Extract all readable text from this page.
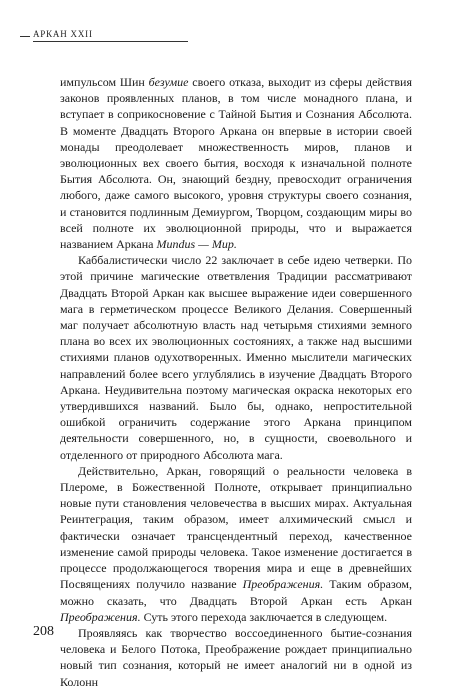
АРКАН XXII

импульсом Шин безумие своего отказа, выходит из сферы действия законов проявленных планов, в том числе монадного плана, и вступает в соприкосновение с Тайной Бытия и Сознания Абсолюта. В моменте Двадцать Второго Аркана он впервые в истории своей монады преодолевает множественность миров, планов и эволюционных вех своего бытия, восходя к изначальной полноте Бытия Абсолюта. Он, знающий бездну, превосходит ограничения любого, даже самого высокого, уровня структуры своего сознания, и становится подлинным Демиургом, Творцом, создающим миры во всей полноте их эволюционной природы, что и выражается названием Аркана Mundus — Мир.

Каббалистически число 22 заключает в себе идею четверки. По этой причине магические ответвления Традиции рассматривают Двадцать Второй Аркан как высшее выражение идеи совершенного мага в герметическом процессе Великого Делания. Совершенный маг получает абсолютную власть над четырьмя стихиями земного плана во всех их эволюционных состояниях, а также над высшими стихиями планов одухотворенных. Именно мыслители магических направлений более всего углублялись в изучение Двадцать Второго Аркана. Неудивительна поэтому магическая окраска некоторых его утвердившихся названий. Было бы, однако, непростительной ошибкой ограничить содержание этого Аркана принципом деятельности совершенного, но, в сущности, своевольного и отделенного от природного Абсолюта мага.

Действительно, Аркан, говорящий о реальности человека в Плероме, в Божественной Полноте, открывает принципиально новые пути становления человечества в высших мирах. Актуальная Реинтеграция, таким образом, имеет алхимический смысл и фактически означает трансцендентный переход, качественное изменение самой природы человека. Такое изменение достигается в процессе продолжающегося творения мира и еще в древнейших Посвящениях получило название Преображения. Таким образом, можно сказать, что Двадцать Второй Аркан есть Аркан Преображения. Суть этого перехода заключается в следующем.

Проявляясь как творчество воссоединенного бытие-сознания человека и Белого Потока, Преображение рождает принципиально новый тип сознания, который не имеет аналогий ни в одной из Колонн

208
